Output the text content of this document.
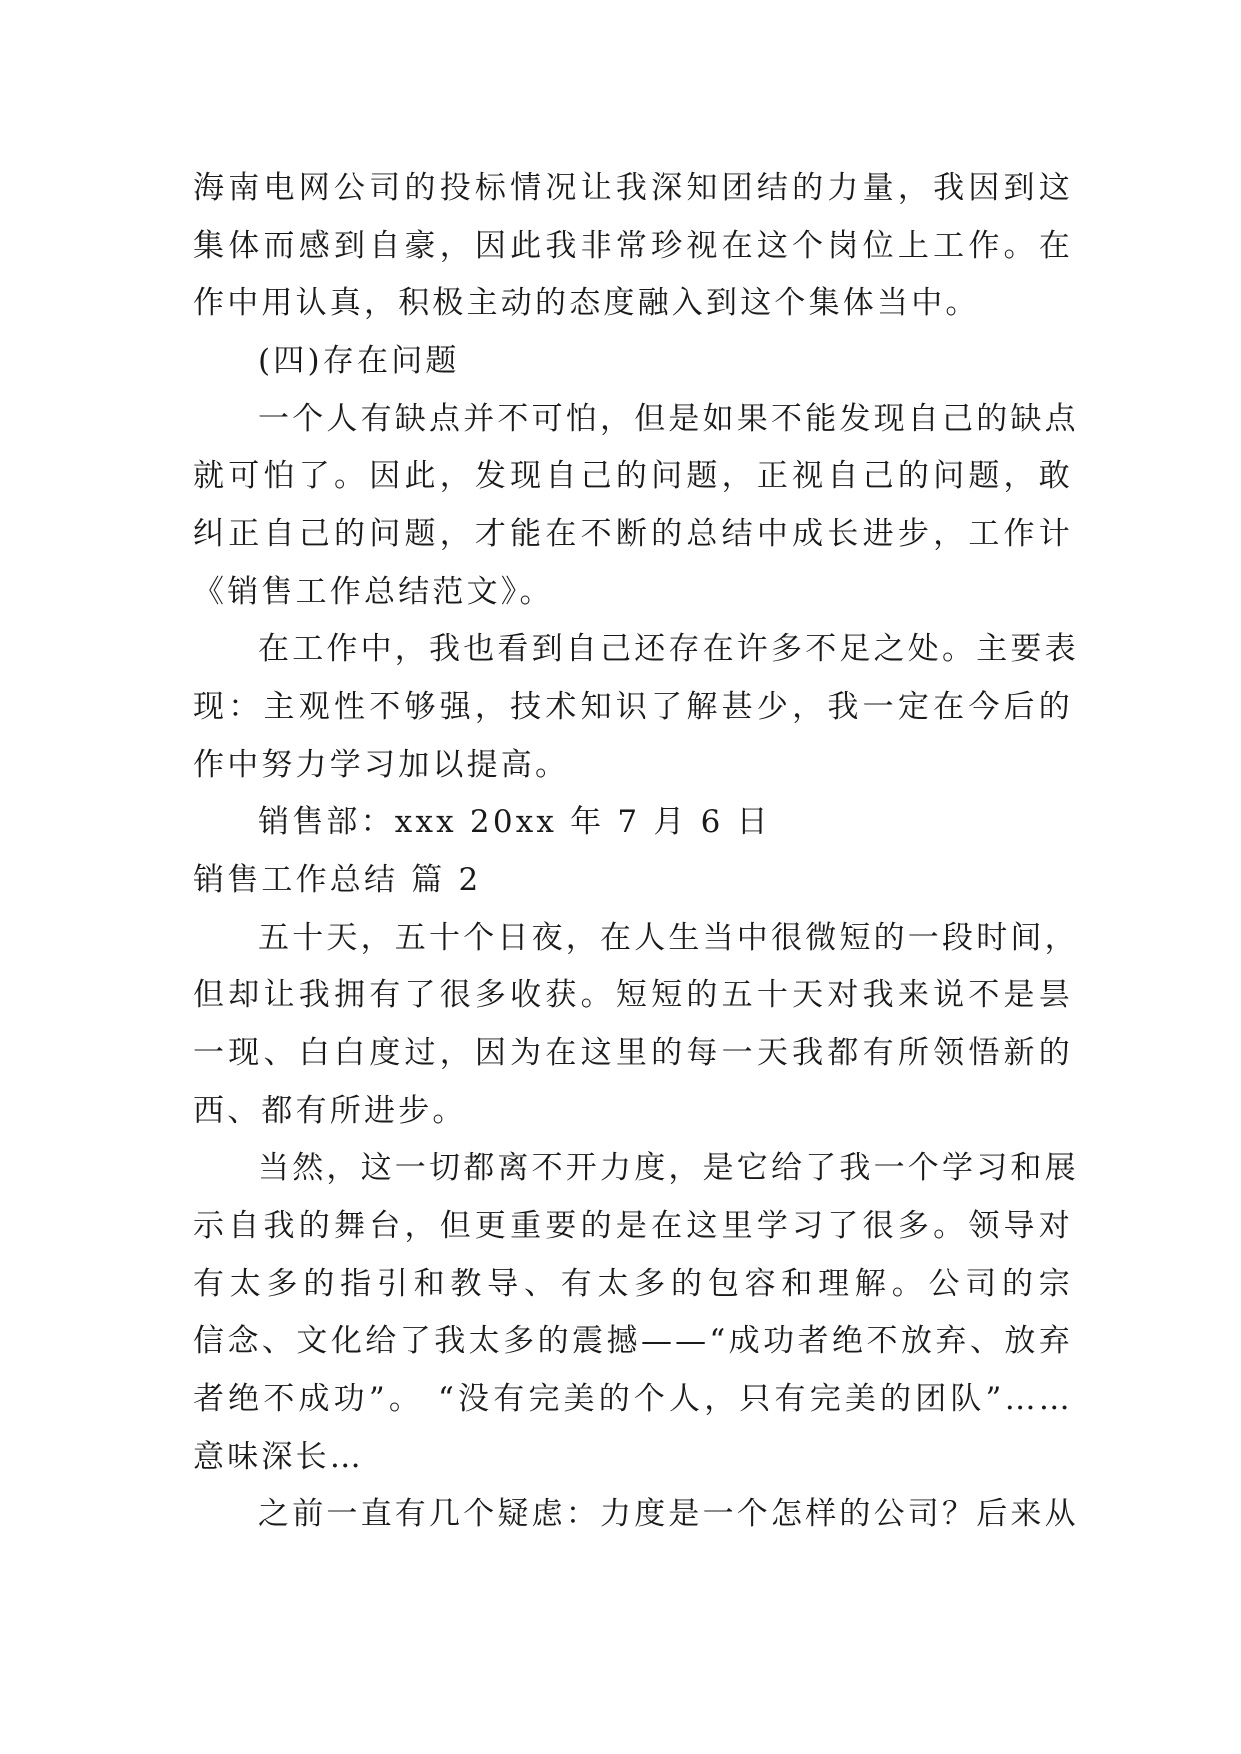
海南电网公司的投标情况让我深知团结的力量，我因到这
集体而感到自豪，因此我非常珍视在这个岗位上工作。在
作中用认真，积极主动的态度融入到这个集体当中。
(四)存在问题
一个人有缺点并不可怕，但是如果不能发现自己的缺点
就可怕了。因此，发现自己的问题，正视自己的问题，敢
纠正自己的问题，才能在不断的总结中成长进步，工作计
《销售工作总结范文》。
在工作中，我也看到自己还存在许多不足之处。主要表
现：主观性不够强，技术知识了解甚少，我一定在今后的
作中努力学习加以提高。
销售部：xxx 20xx 年 7 月 6 日
销售工作总结 篇 2
五十天，五十个日夜，在人生当中很微短的一段时间，
但却让我拥有了很多收获。短短的五十天对我来说不是昙
一现、白白度过，因为在这里的每一天我都有所领悟新的
西、都有所进步。
当然，这一切都离不开力度，是它给了我一个学习和展
示自我的舞台，但更重要的是在这里学习了很多。领导对
有太多的指引和教导、有太多的包容和理解。公司的宗
信念、文化给了我太多的震撼——“成功者绝不放弃、放弃
者绝不成功”。 “没有完美的个人，只有完美的团队”……
意味深长…
之前一直有几个疑虑：力度是一个怎样的公司？后来从
